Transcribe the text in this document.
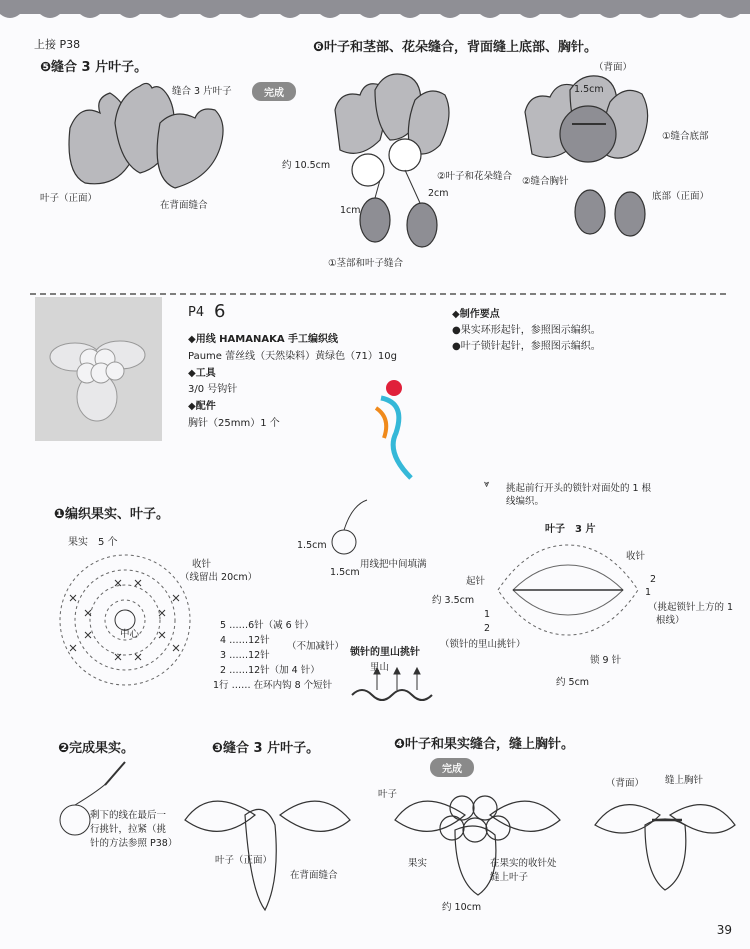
上接 P38
❺缝合 3 片叶子。
缝合 3 片叶子
叶子（正面）
在背面缝合
完成
❻叶子和茎部、花朵缝合，背面缝上底部、胸针。
约 10.5cm
2cm
1cm
②叶子和花朵缝合
①茎部和叶子缝合
（背面）
1.5cm
①缝合底部
②缝合胸针
底部（正面）
P4 6
◆用线 HAMANAKA 手工编织线
Paume 蕾丝线（天然染料）黄绿色（71）10g
◆工具
3/0 号钩针
◆配件
胸针（25mm）1 个
◆制作要点
●果实环形起针，参照图示编织。
●叶子锁针起针，参照图示编织。
❶编织果实、叶子。
果实　5 个
中心
收针
（线留出 20cm）
5 ……6针（减 6 针）
4 ……12针
3 ……12针
2 ……12针（加 4 针）
1行 …… 在环内钩 8 个短针
（不加减针）
1.5cm
1.5cm
用线把中间填满
锁针的里山挑针
里山
⩔ 挑起前行开头的锁针对面处的 1 根
线编织。
叶子　3 片
起针
收针
约 3.5cm
2
1
1
2
（挑起锁针上方的 1
根线）
（锁针的里山挑针）
锁 9 针
约 5cm
❷完成果实。
剩下的线在最后一
行挑针，拉紧（挑
针的方法参照 P38）
❸缝合 3 片叶子。
叶子（正面）
在背面缝合
❹叶子和果实缝合，缝上胸针。
完成
叶子
果实	在果实的收针处
缝上叶子
约 10cm
（背面） 缝上胸针
39
